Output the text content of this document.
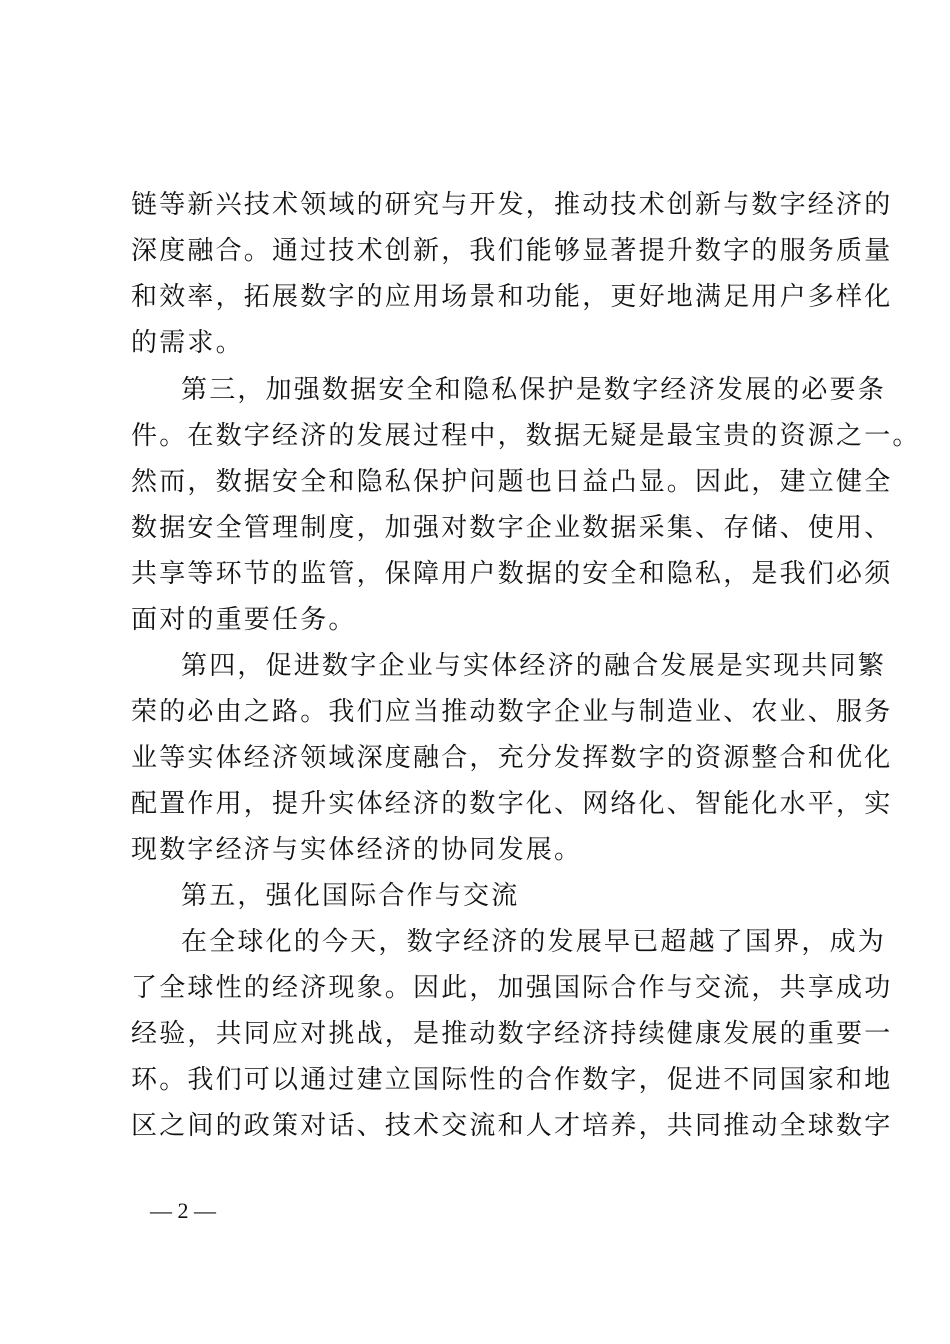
链等新兴技术领域的研究与开发，推动技术创新与数字经济的
深度融合。通过技术创新，我们能够显著提升数字的服务质量
和效率，拓展数字的应用场景和功能，更好地满足用户多样化
的需求。
第三，加强数据安全和隐私保护是数字经济发展的必要条
件。在数字经济的发展过程中，数据无疑是最宝贵的资源之一。
然而，数据安全和隐私保护问题也日益凸显。因此，建立健全
数据安全管理制度，加强对数字企业数据采集、存储、使用、
共享等环节的监管，保障用户数据的安全和隐私，是我们必须
面对的重要任务。
第四，促进数字企业与实体经济的融合发展是实现共同繁
荣的必由之路。我们应当推动数字企业与制造业、农业、服务
业等实体经济领域深度融合，充分发挥数字的资源整合和优化
配置作用，提升实体经济的数字化、网络化、智能化水平，实
现数字经济与实体经济的协同发展。
第五，强化国际合作与交流
在全球化的今天，数字经济的发展早已超越了国界，成为
了全球性的经济现象。因此，加强国际合作与交流，共享成功
经验，共同应对挑战，是推动数字经济持续健康发展的重要一
环。我们可以通过建立国际性的合作数字，促进不同国家和地
区之间的政策对话、技术交流和人才培养，共同推动全球数字
— 2 —
